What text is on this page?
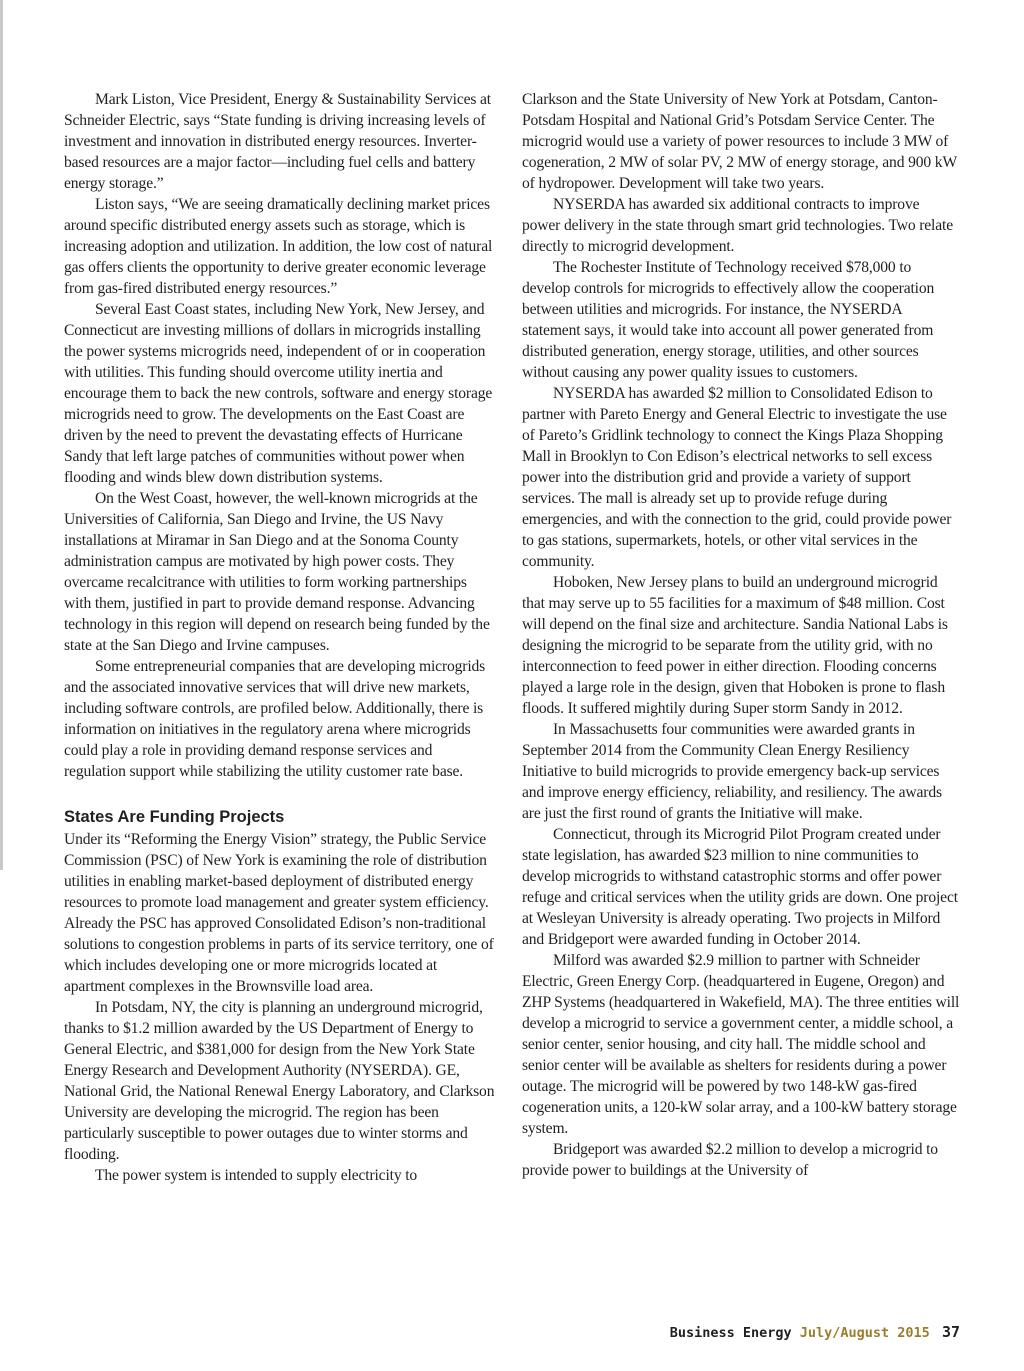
Mark Liston, Vice President, Energy & Sustainability Services at Schneider Electric, says “State funding is driving increasing levels of investment and innovation in distributed energy resources. Inverter-based resources are a major factor—including fuel cells and battery energy storage.”

Liston says, “We are seeing dramatically declining market prices around specific distributed energy assets such as storage, which is increasing adoption and utilization. In addition, the low cost of natural gas offers clients the opportunity to derive greater economic leverage from gas-fired distributed energy resources.”

Several East Coast states, including New York, New Jersey, and Connecticut are investing millions of dollars in microgrids installing the power systems microgrids need, independent of or in cooperation with utilities. This funding should overcome utility inertia and encourage them to back the new controls, software and energy storage microgrids need to grow. The developments on the East Coast are driven by the need to prevent the devastating effects of Hurricane Sandy that left large patches of communities without power when flooding and winds blew down distribution systems.

On the West Coast, however, the well-known microgrids at the Universities of California, San Diego and Irvine, the US Navy installations at Miramar in San Diego and at the Sonoma County administration campus are motivated by high power costs. They overcame recalcitrance with utilities to form working partnerships with them, justified in part to provide demand response. Advancing technology in this region will depend on research being funded by the state at the San Diego and Irvine campuses.

Some entrepreneurial companies that are developing microgrids and the associated innovative services that will drive new markets, including software controls, are profiled below. Additionally, there is information on initiatives in the regulatory arena where microgrids could play a role in providing demand response services and regulation support while stabilizing the utility customer rate base.

States Are Funding Projects

Under its “Reforming the Energy Vision” strategy, the Public Service Commission (PSC) of New York is examining the role of distribution utilities in enabling market-based deployment of distributed energy resources to promote load management and greater system efficiency. Already the PSC has approved Consolidated Edison’s non-traditional solutions to congestion problems in parts of its service territory, one of which includes developing one or more microgrids located at apartment complexes in the Brownsville load area.

In Potsdam, NY, the city is planning an underground microgrid, thanks to $1.2 million awarded by the US Department of Energy to General Electric, and $381,000 for design from the New York State Energy Research and Development Authority (NYSERDA). GE, National Grid, the National Renewal Energy Laboratory, and Clarkson University are developing the microgrid. The region has been particularly susceptible to power outages due to winter storms and flooding.

The power system is intended to supply electricity to

Clarkson and the State University of New York at Potsdam, Canton-Potsdam Hospital and National Grid’s Potsdam Service Center. The microgrid would use a variety of power resources to include 3 MW of cogeneration, 2 MW of solar PV, 2 MW of energy storage, and 900 kW of hydropower. Development will take two years.

NYSERDA has awarded six additional contracts to improve power delivery in the state through smart grid technologies. Two relate directly to microgrid development.

The Rochester Institute of Technology received $78,000 to develop controls for microgrids to effectively allow the cooperation between utilities and microgrids. For instance, the NYSERDA statement says, it would take into account all power generated from distributed generation, energy storage, utilities, and other sources without causing any power quality issues to customers.

NYSERDA has awarded $2 million to Consolidated Edison to partner with Pareto Energy and General Electric to investigate the use of Pareto’s Gridlink technology to connect the Kings Plaza Shopping Mall in Brooklyn to Con Edison’s electrical networks to sell excess power into the distribution grid and provide a variety of support services. The mall is already set up to provide refuge during emergencies, and with the connection to the grid, could provide power to gas stations, supermarkets, hotels, or other vital services in the community.

Hoboken, New Jersey plans to build an underground microgrid that may serve up to 55 facilities for a maximum of $48 million. Cost will depend on the final size and architecture. Sandia National Labs is designing the microgrid to be separate from the utility grid, with no interconnection to feed power in either direction. Flooding concerns played a large role in the design, given that Hoboken is prone to flash floods. It suffered mightily during Super storm Sandy in 2012.

In Massachusetts four communities were awarded grants in September 2014 from the Community Clean Energy Resiliency Initiative to build microgrids to provide emergency back-up services and improve energy efficiency, reliability, and resiliency. The awards are just the first round of grants the Initiative will make.

Connecticut, through its Microgrid Pilot Program created under state legislation, has awarded $23 million to nine communities to develop microgrids to withstand catastrophic storms and offer power refuge and critical services when the utility grids are down. One project at Wesleyan University is already operating. Two projects in Milford and Bridgeport were awarded funding in October 2014.

Milford was awarded $2.9 million to partner with Schneider Electric, Green Energy Corp. (headquartered in Eugene, Oregon) and ZHP Systems (headquartered in Wakefield, MA). The three entities will develop a microgrid to service a government center, a middle school, a senior center, senior housing, and city hall. The middle school and senior center will be available as shelters for residents during a power outage. The microgrid will be powered by two 148-kW gas-fired cogeneration units, a 120-kW solar array, and a 100-kW battery storage system.

Bridgeport was awarded $2.2 million to develop a microgrid to provide power to buildings at the University of

Business Energy July/August 2015 37
